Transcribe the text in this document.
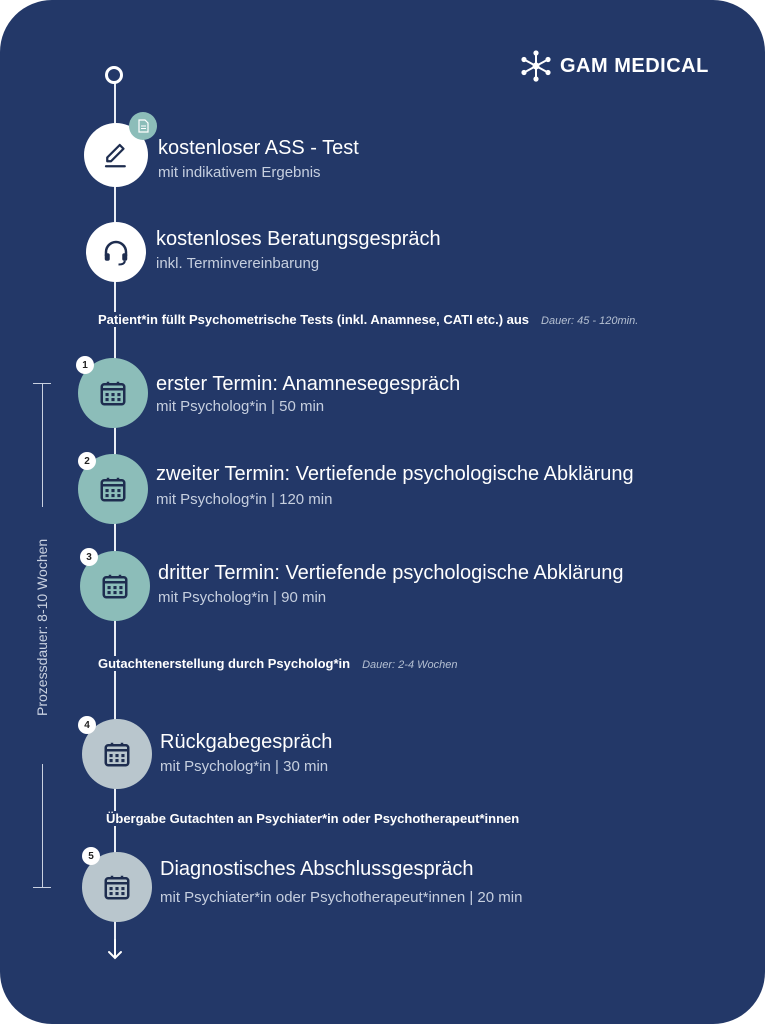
GAM MEDICAL
kostenloser ASS - Test
mit indikativem Ergebnis
kostenloses Beratungsgespräch
inkl. Terminvereinbarung
Patient*in füllt Psychometrische Tests (inkl. Anamnese, CATI etc.) aus Dauer: 45 - 120min.
1
erster Termin: Anamnesegespräch
mit Psycholog*in | 50 min
2
zweiter Termin: Vertiefende psychologische Abklärung
mit Psycholog*in | 120 min
3
dritter Termin: Vertiefende psychologische Abklärung
mit Psycholog*in | 90 min
Gutachtenerstellung durch Psycholog*in Dauer: 2-4 Wochen
4
Rückgabegespräch
mit Psycholog*in | 30 min
Übergabe Gutachten an Psychiater*in oder Psychotherapeut*innen
5
Diagnostisches Abschlussgespräch
mit Psychiater*in oder Psychotherapeut*innen | 20 min
Prozessdauer: 8-10 Wochen
